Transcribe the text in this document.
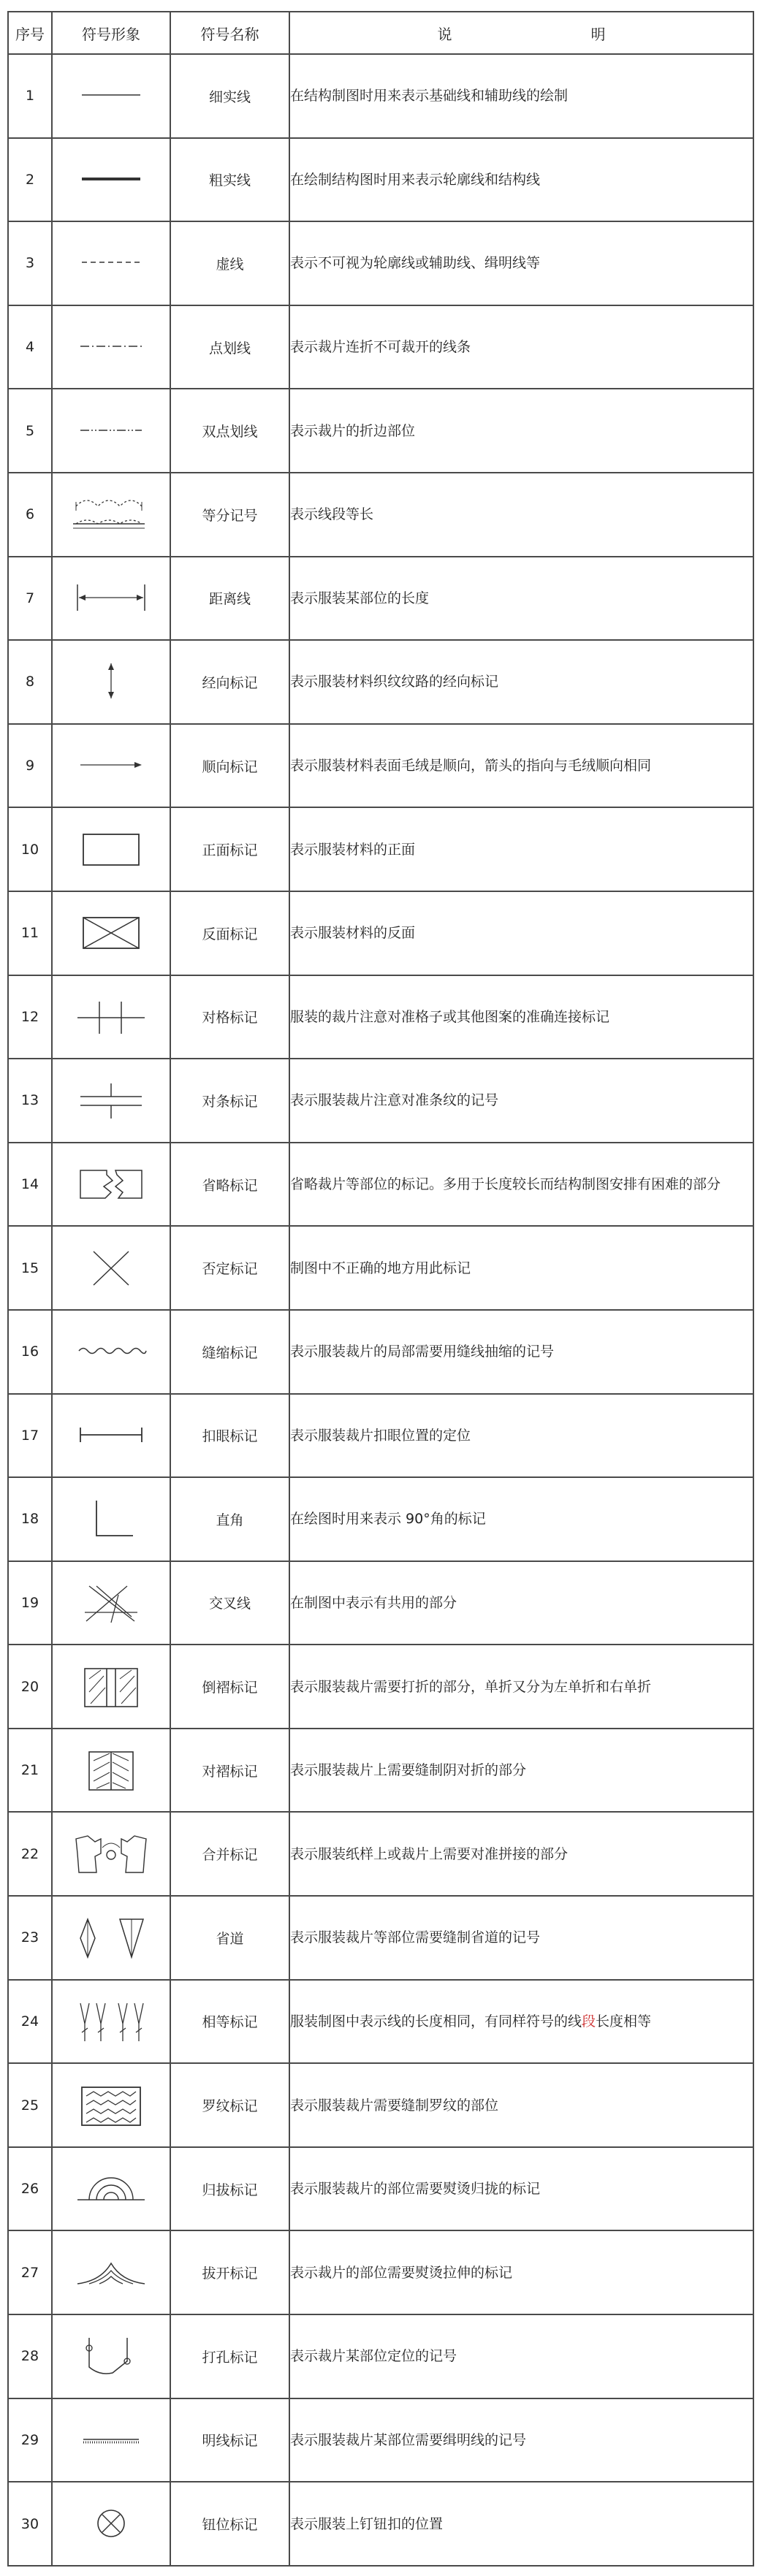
序号	符号形象	符号名称	说 明
1		细实线	在结构制图时用来表示基础线和辅助线的绘制
2		粗实线	在绘制结构图时用来表示轮廓线和结构线
3		虚线	表示不可视为轮廓线或辅助线、缉明线等
4		点划线	表示裁片连折不可裁开的线条
5		双点划线	表示裁片的折边部位
6		等分记号	表示线段等长
7		距离线	表示服装某部位的长度
8		经向标记	表示服装材料织纹纹路的经向标记
9		顺向标记	表示服装材料表面毛绒是顺向，箭头的指向与毛绒顺向相同
10		正面标记	表示服装材料的正面
11		反面标记	表示服装材料的反面
12		对格标记	服装的裁片注意对准格子或其他图案的准确连接标记
13		对条标记	表示服装裁片注意对准条纹的记号
14		省略标记	省略裁片等部位的标记。多用于长度较长而结构制图安排有困难的部分
15		否定标记	制图中不正确的地方用此标记
16		缝缩标记	表示服装裁片的局部需要用缝线抽缩的记号
17		扣眼标记	表示服装裁片扣眼位置的定位
18		直角	在绘图时用来表示 90°角的标记
19		交叉线	在制图中表示有共用的部分
20		倒褶标记	表示服装裁片需要打折的部分，单折又分为左单折和右单折
21		对褶标记	表示服装裁片上需要缝制阴对折的部分
22		合并标记	表示服装纸样上或裁片上需要对准拼接的部分
23		省道	表示服装裁片等部位需要缝制省道的记号
24		相等标记	服装制图中表示线的长度相同，有同样符号的线段长度相等
25		罗纹标记	表示服装裁片需要缝制罗纹的部位
26		归拔标记	表示服装裁片的部位需要熨烫归拢的标记
27		拔开标记	表示裁片的部位需要熨烫拉伸的标记
28		打孔标记	表示裁片某部位定位的记号
29		明线标记	表示服装裁片某部位需要缉明线的记号
30		钮位标记	表示服装上钉钮扣的位置
